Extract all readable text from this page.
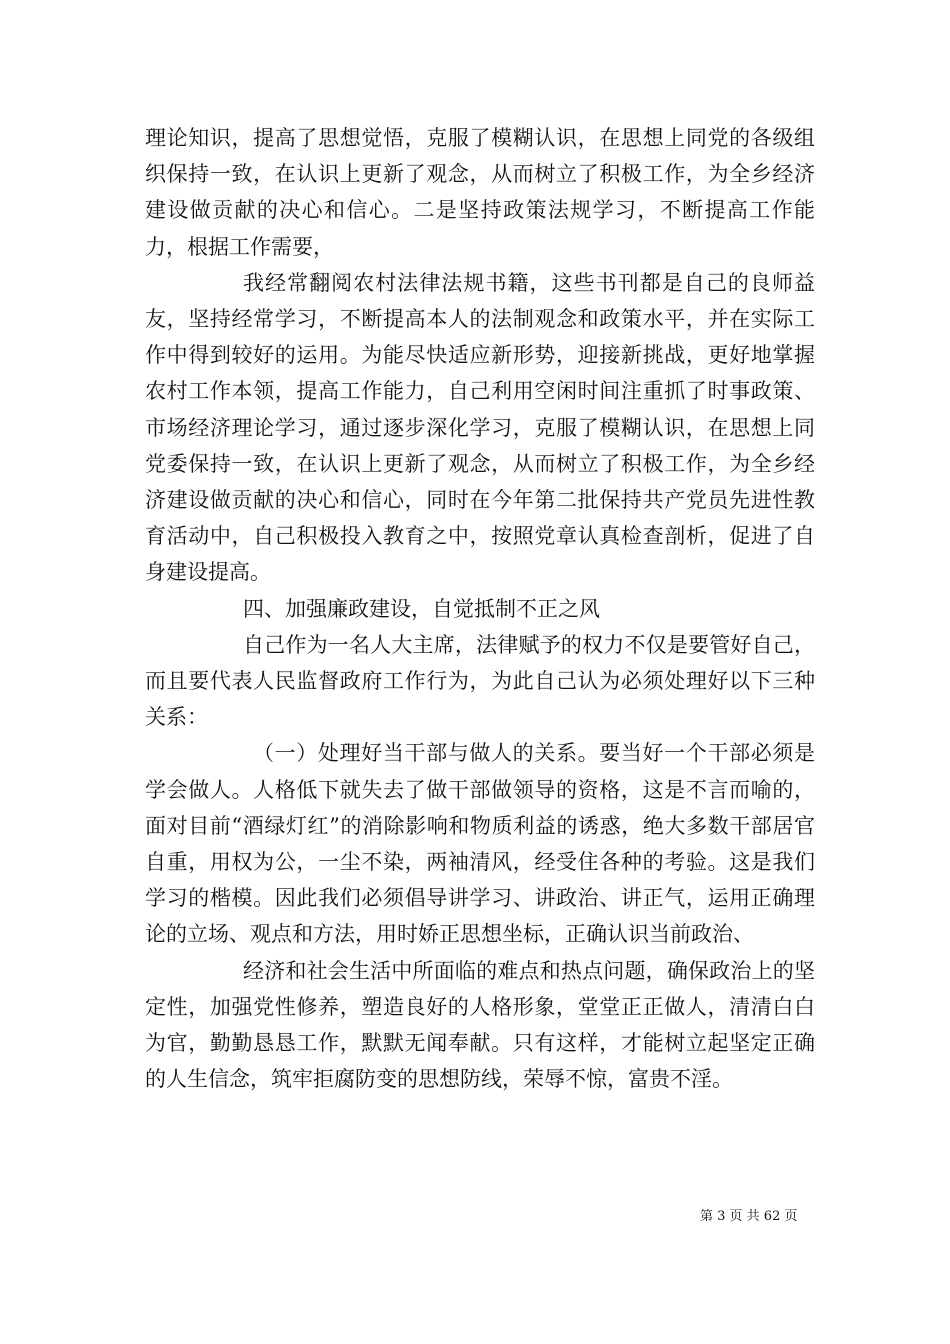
理论知识，提高了思想觉悟，克服了模糊认识，在思想上同党的各级组织保持一致，在认识上更新了观念，从而树立了积极工作，为全乡经济建设做贡献的决心和信心。二是坚持政策法规学习，不断提高工作能力，根据工作需要，

我经常翻阅农村法律法规书籍，这些书刊都是自己的良师益友，坚持经常学习，不断提高本人的法制观念和政策水平，并在实际工作中得到较好的运用。为能尽快适应新形势，迎接新挑战，更好地掌握农村工作本领，提高工作能力，自己利用空闲时间注重抓了时事政策、市场经济理论学习，通过逐步深化学习，克服了模糊认识，在思想上同党委保持一致，在认识上更新了观念，从而树立了积极工作，为全乡经济建设做贡献的决心和信心，同时在今年第二批保持共产党员先进性教育活动中，自己积极投入教育之中，按照党章认真检查剖析，促进了自身建设提高。

四、加强廉政建设，自觉抵制不正之风

自己作为一名人大主席，法律赋予的权力不仅是要管好自己，而且要代表人民监督政府工作行为，为此自己认为必须处理好以下三种关系：

（一）处理好当干部与做人的关系。要当好一个干部必须是学会做人。人格低下就失去了做干部做领导的资格，这是不言而喻的，面对目前“酒绿灯红”的消除影响和物质利益的诱惑，绝大多数干部居官自重，用权为公，一尘不染，两袖清风，经受住各种的考验。这是我们学习的楷模。因此我们必须倡导讲学习、讲政治、讲正气，运用正确理论的立场、观点和方法，用时娇正思想坐标，正确认识当前政治、

经济和社会生活中所面临的难点和热点问题，确保政治上的坚定性，加强党性修养，塑造良好的人格形象，堂堂正正做人，清清白白为官，勤勤恳恳工作，默默无闻奉献。只有这样，才能树立起坚定正确的人生信念，筑牢拒腐防变的思想防线，荣辱不惊，富贵不淫。

第 3 页 共 62 页
